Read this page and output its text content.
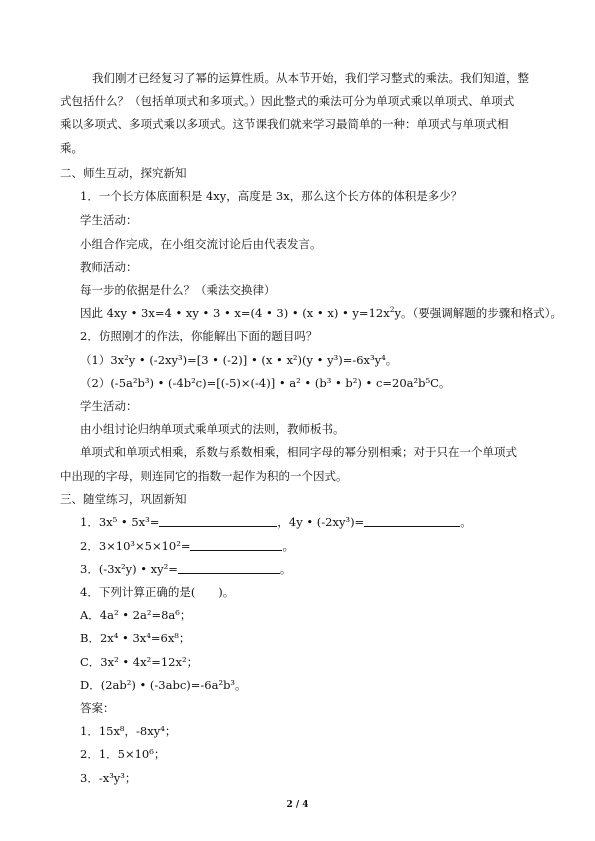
我们刚才已经复习了幂的运算性质。从本节开始，我们学习整式的乘法。我们知道，整
式包括什么？（包括单项式和多项式。）因此整式的乘法可分为单项式乘以单项式、单项式
乘以多项式、多项式乘以多项式。这节课我们就来学习最简单的一种：单项式与单项式相
乘。
二、师生互动，探究新知
1．一个长方体底面积是 4xy，高度是 3x，那么这个长方体的体积是多少？
学生活动：
小组合作完成，在小组交流讨论后由代表发言。
教师活动：
每一步的依据是什么？（乘法交换律）
因此 4xy • 3x=4 • xy • 3 • x=(4 • 3) • (x • x) • $y=12x^2y$。（要强调解题的步骤和格式）。
2．仿照刚才的作法，你能解出下面的题目吗？
（1）3x²y • (-2xy³)=[3 • (-2)] • (x • x²)(y • y³)=-6x³y⁴。
（2）(-5a²b³) • (-4b²c)=[(-5)×(-4)] • a² • (b³ • b²) • c=20a²b⁵C。
学生活动：
由小组讨论归纳单项式乘单项式的法则，教师板书。
单项式和单项式相乘，系数与系数相乘，相同字母的幂分别相乘；对于只在一个单项式
中出现的字母，则连同它的指数一起作为积的一个因式。
三、随堂练习，巩固新知
1．3x⁵ • 5x³=	，4y • (-2xy³)=	。
2．3×10³×5×10²=	。
3．(-3x²y) • xy²=	。
4．下列计算正确的是(　　)。
A．4a² • 2a²=8a⁶；
B．2x⁴ • 3x⁴=6x⁸；
C．3x² • 4x²=12x²；
D．(2ab²) • (-3abc)=-6a²b³。
答案：
1．15x⁸，-8xy⁴；
2．1．5×10⁶；
3．-x³y³；
2 / 4
